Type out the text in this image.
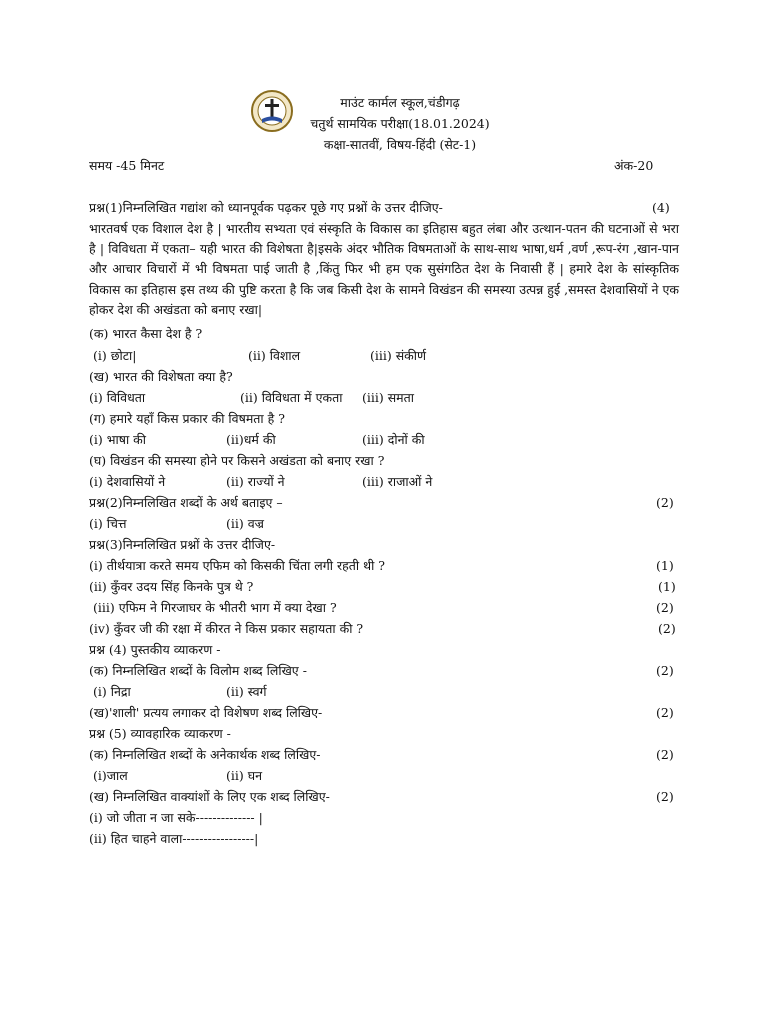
माउंट कार्मल स्कूल,चंडीगढ़
चतुर्थ सामयिक परीक्षा(18.01.2024)
कक्षा-सातवीं, विषय-हिंदी (सेट-1)
समय -45 मिनट	अंक-20
प्रश्न(1)निम्नलिखित गद्यांश को ध्यानपूर्वक पढ़कर पूछे गए प्रश्नों के उत्तर दीजिए-	(4)
भारतवर्ष एक विशाल देश है | भारतीय सभ्यता एवं संस्कृति के विकास का इतिहास बहुत लंबा और उत्थान-पतन की घटनाओं से भरा है | विविधता में एकता– यही भारत की विशेषता है|इसके अंदर भौतिक विषमताओं के साथ-साथ भाषा,धर्म ,वर्ण ,रूप-रंग ,खान-पान और आचार विचारों में भी विषमता पाई जाती है ,किंतु फिर भी हम एक सुसंगठित देश के निवासी हैं | हमारे देश के सांस्कृतिक विकास का इतिहास इस तथ्य की पुष्टि करता है कि जब किसी देश के सामने विखंडन की समस्या उत्पन्न हुई ,समस्त देशवासियों ने एक होकर देश की अखंडता को बनाए रखा|
(क) भारत कैसा देश है ?
(i) छोटा|	(ii) विशाल	(iii) संकीर्ण
(ख) भारत की विशेषता क्या है?
(i) विविधता	(ii) विविधता में एकता (iii) समता
(ग) हमारे यहाँ किस प्रकार की विषमता है ?
(i) भाषा की	(ii)धर्म की	(iii) दोनों की
(घ) विखंडन की समस्या होने पर किसने अखंडता को बनाए रखा ?
(i) देशवासियों ने	(ii) राज्यों ने	(iii) राजाओं ने
प्रश्न(2)निम्नलिखित शब्दों के अर्थ बताइए –	(2)
(i) चित्त	(ii) वज्र
प्रश्न(3)निम्नलिखित प्रश्नों के उत्तर दीजिए-
(i) तीर्थयात्रा करते समय एफिम को किसकी चिंता लगी रहती थी ?	(1)
(ii) कुँवर उदय सिंह किनके पुत्र थे ?	(1)
(iii) एफिम ने गिरजाघर के भीतरी भाग में क्या देखा ?	(2)
(iv) कुँवर जी की रक्षा में कीरत ने किस प्रकार सहायता की ?	(2)
प्रश्न (4) पुस्तकीय व्याकरण -
(क) निम्नलिखित शब्दों के विलोम शब्द लिखिए -	(2)
(i) निद्रा	(ii) स्वर्ग
(ख)'शाली' प्रत्यय लगाकर दो विशेषण शब्द लिखिए-	(2)
प्रश्न (5) व्यावहारिक व्याकरण -
(क) निम्नलिखित शब्दों के अनेकार्थक शब्द लिखिए-	(2)
(i)जाल	(ii) घन
(ख) निम्नलिखित वाक्यांशों के लिए एक शब्द लिखिए-	(2)
(i) जो जीता न जा सके-------------- |
(ii) हित चाहने वाला-----------------|
